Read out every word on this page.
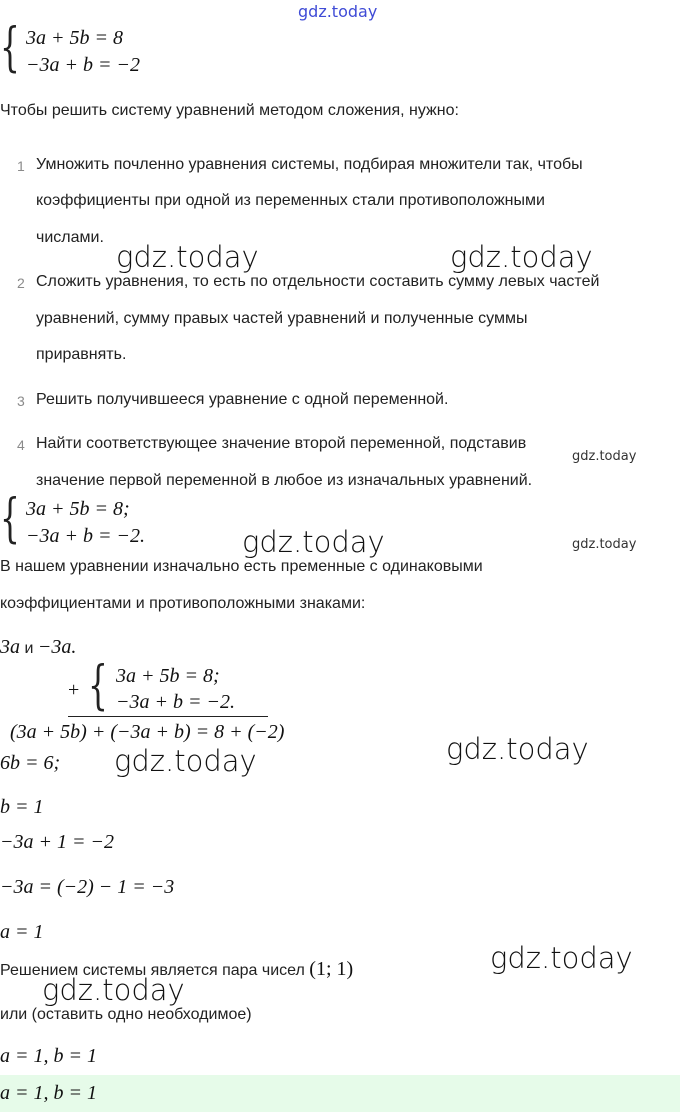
gdz.today
gdz.today	gdz.today
gdz.today
gdz.today	gdz.today
gdz.today
gdz.today
gdz.today
gdz.today
{ 3a + 5b = 8
−3a + b = −2
Чтобы решить систему уравнений методом сложения, нужно:
1 Умножить почленно уравнения системы, подбирая множители так, чтобы
коэффициенты при одной из переменных стали противоположными
числами.
2 Сложить уравнения, то есть по отдельности составить сумму левых частей
уравнений, сумму правых частей уравнений и полученные суммы
приравнять.
3 Решить получившееся уравнение с одной переменной.
4 Найти соответствующее значение второй переменной, подставив
значение первой переменной в любое из изначальных уравнений.
{ 3a + 5b = 8;
−3a + b = −2.
В нашем уравнении изначально есть пременные с одинаковыми
коэффициентами и противоположными знаками:
3a и −3a.
+ { 3a + 5b = 8;
−3a + b = −2.
(3a + 5b) + (−3a + b) = 8 + (−2)
6b = 6;
b = 1
−3a + 1 = −2
−3a = (−2) − 1 = −3
a = 1
Решением системы является пара чисел (1; 1)
или (оставить одно необходимое)
a = 1, b = 1
a = 1, b = 1
